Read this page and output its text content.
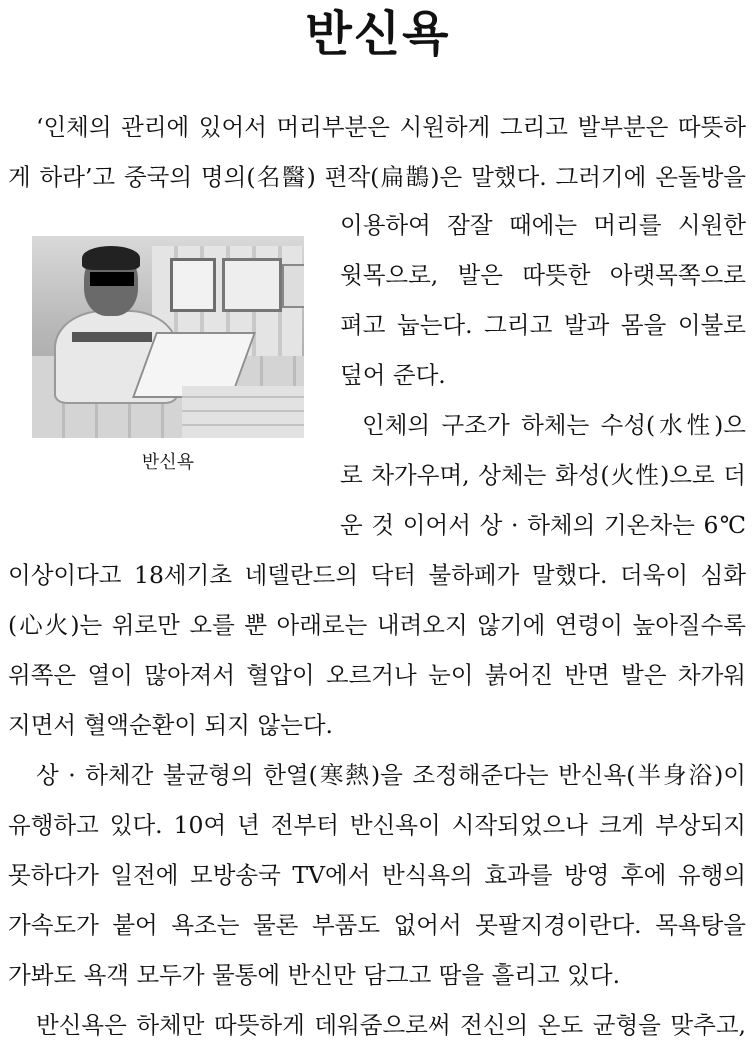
반신욕
‘인체의 관리에 있어서 머리부분은 시원하게 그리고 발부분은 따뜻하
게 하라’고 중국의 명의(名醫) 편작(扁鵲)은 말했다. 그러기에 온돌방을
반신욕
이용하여 잠잘 때에는 머리를 시원한
윗목으로, 발은 따뜻한 아랫목쪽으로
펴고 눕는다. 그리고 발과 몸을 이불로
덮어 준다.
인체의 구조가 하체는 수성(水性)으
로 차가우며, 상체는 화성(火性)으로 더
운 것 이어서 상 · 하체의 기온차는 6℃
이상이다고 18세기초 네델란드의 닥터 불하페가 말했다. 더욱이 심화
(心火)는 위로만 오를 뿐 아래로는 내려오지 않기에 연령이 높아질수록
위쪽은 열이 많아져서 혈압이 오르거나 눈이 붉어진 반면 발은 차가워
지면서 혈액순환이 되지 않는다.
상 · 하체간 불균형의 한열(寒熱)을 조정해준다는 반신욕(半身浴)이
유행하고 있다. 10여 년 전부터 반신욕이 시작되었으나 크게 부상되지
못하다가 일전에 모방송국 TV에서 반식욕의 효과를 방영 후에 유행의
가속도가 붙어 욕조는 물론 부품도 없어서 못팔지경이란다. 목욕탕을
가봐도 욕객 모두가 물통에 반신만 담그고 땀을 흘리고 있다.
반신욕은 하체만 따뜻하게 데워줌으로써 전신의 온도 균형을 맞추고,
